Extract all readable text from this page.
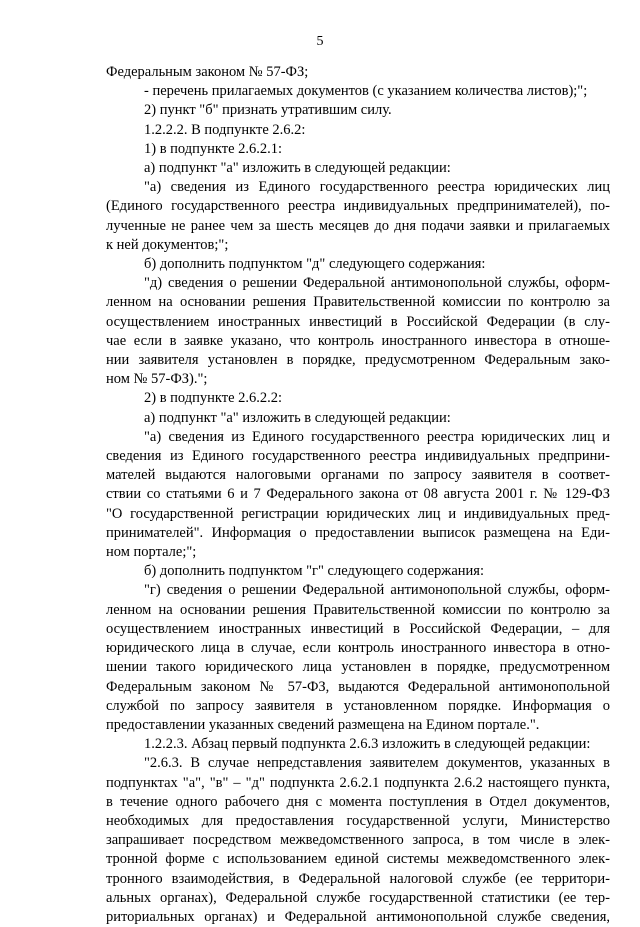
5
Федеральным законом № 57-ФЗ;
- перечень прилагаемых документов (с указанием количества листов);";
2) пункт "б" признать утратившим силу.
1.2.2.2. В подпункте 2.6.2:
1) в подпункте 2.6.2.1:
а) подпункт "а" изложить в следующей редакции:
"а) сведения из Единого государственного реестра юридических лиц
(Единого государственного реестра индивидуальных предпринимателей), по-
лученные не ранее чем за шесть месяцев до дня подачи заявки и прилагаемых
к ней документов;";
б) дополнить подпунктом "д" следующего содержания:
"д) сведения о решении Федеральной антимонопольной службы, оформ-
ленном на основании решения Правительственной комиссии по контролю за
осуществлением иностранных инвестиций в Российской Федерации (в слу-
чае если в заявке указано, что контроль иностранного инвестора в отноше-
нии заявителя установлен в порядке, предусмотренном Федеральным зако-
ном № 57-ФЗ).";
2) в подпункте 2.6.2.2:
а) подпункт "а" изложить в следующей редакции:
"а) сведения из Единого государственного реестра юридических лиц и
сведения из Единого государственного реестра индивидуальных предприни-
мателей выдаются налоговыми органами по запросу заявителя в соответ-
ствии со статьями 6 и 7 Федерального закона от 08 августа 2001 г. № 129-ФЗ
"О государственной регистрации юридических лиц и индивидуальных пред-
принимателей". Информация о предоставлении выписок размещена на Еди-
ном портале;";
б) дополнить подпунктом "г" следующего содержания:
"г) сведения о решении Федеральной антимонопольной службы, оформ-
ленном на основании решения Правительственной комиссии по контролю за
осуществлением иностранных инвестиций в Российской Федерации, – для
юридического лица в случае, если контроль иностранного инвестора в отно-
шении такого юридического лица установлен в порядке, предусмотренном
Федеральным законом № 57-ФЗ, выдаются Федеральной антимонопольной
службой по запросу заявителя в установленном порядке. Информация о
предоставлении указанных сведений размещена на Едином портале.".
1.2.2.3. Абзац первый подпункта 2.6.3 изложить в следующей редакции:
"2.6.3. В случае непредставления заявителем документов, указанных в
подпунктах "а", "в" – "д" подпункта 2.6.2.1 подпункта 2.6.2 настоящего пункта,
в течение одного рабочего дня с момента поступления в Отдел документов,
необходимых для предоставления государственной услуги, Министерство
запрашивает посредством межведомственного запроса, в том числе в элек-
тронной форме с использованием единой системы межведомственного элек-
тронного взаимодействия, в Федеральной налоговой службе (ее территори-
альных органах), Федеральной службе государственной статистики (ее тер-
риториальных органах) и Федеральной антимонопольной службе сведения,
